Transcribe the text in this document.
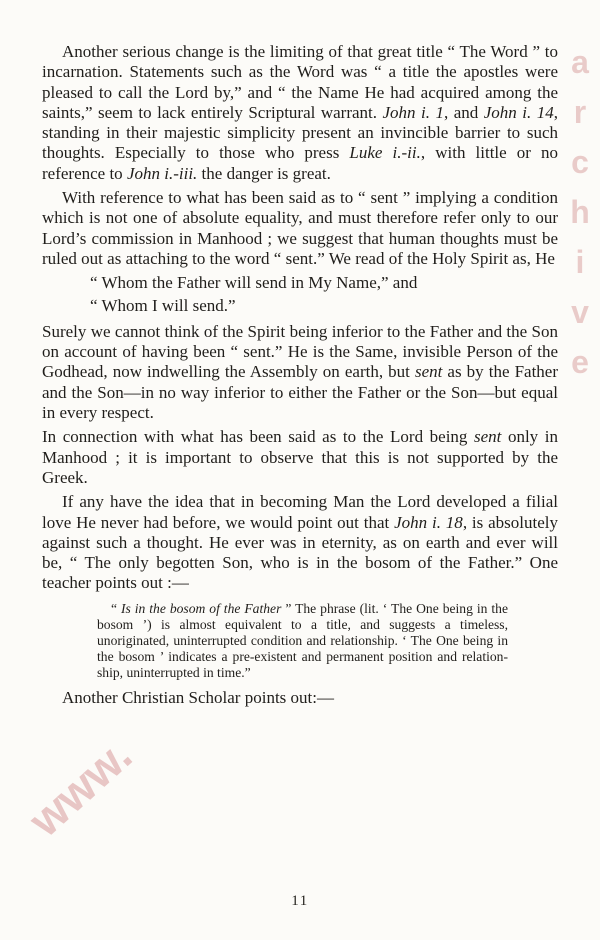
www.
archive

Another serious change is the limiting of that great title “ The Word ” to incarnation. Statements such as the Word was “ a title the apostles were pleased to call the Lord by,” and “ the Name He had acquired among the saints,” seem to lack entirely Scriptural warrant. John i. 1, and John i. 14, standing in their majestic simplicity present an invincible barrier to such thoughts. Especially to those who press Luke i.-ii., with little or no reference to John i.-iii. the danger is great.

With reference to what has been said as to “ sent ” implying a condition which is not one of absolute equality, and must therefore refer only to our Lord’s commission in Manhood ; we suggest that human thoughts must be ruled out as attaching to the word “ sent.” We read of the Holy Spirit as, He

“ Whom the Father will send in My Name,” and

“ Whom I will send.”

Surely we cannot think of the Spirit being inferior to the Father and the Son on account of having been “ sent.” He is the Same, invisible Person of the Godhead, now indwelling the Assembly on earth, but sent as by the Father and the Son—in no way inferior to either the Father or the Son—but equal in every respect.

In connection with what has been said as to the Lord being sent only in Manhood ; it is important to observe that this is not supported by the Greek.

If any have the idea that in becoming Man the Lord developed a filial love He never had before, we would point out that John i. 18, is absolutely against such a thought. He ever was in eternity, as on earth and ever will be, “ The only begotten Son, who is in the bosom of the Father.” One teacher points out :—

“ Is in the bosom of the Father ” The phrase (lit. ‘ The One being in the bosom ’) is almost equivalent to a title, and suggests a timeless, unoriginated, uninterrupted condition and relationship. ‘ The One being in the bosom ’ indicates a pre-existent and permanent position and relationship, uninterrupted in time.”

Another Christian Scholar points out:—

11
